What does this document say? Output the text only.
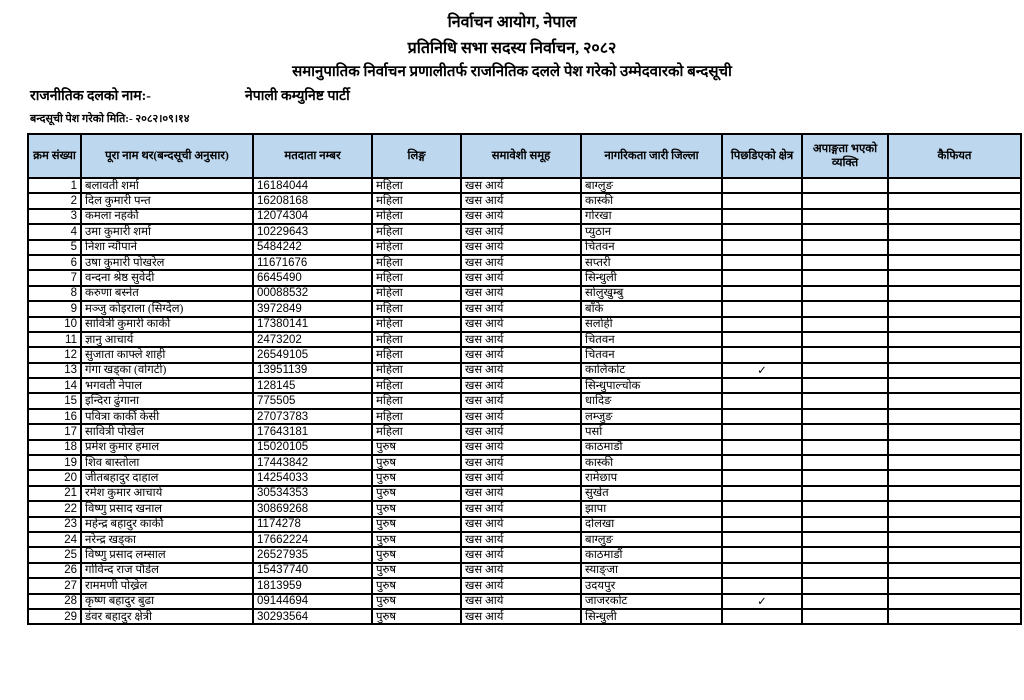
निर्वाचन आयोग, नेपाल
प्रतिनिधि सभा सदस्य निर्वाचन, २०८२
समानुपातिक निर्वाचन प्रणालीतर्फ राजनितिक दलले पेश गरेको उम्मेदवारको बन्दसूची
राजनीतिक दलको नाम:-	नेपाली कम्युनिष्ट पार्टी
बन्दसूची पेश गरेको मिति:- २०८२।०९।१४
क्रम संख्या	पूरा नाम थर(बन्दसूची अनुसार)	मतदाता नम्बर	लिङ्ग	समावेशी समूह	नागरिकता जारी जिल्ला	पिछडिएको क्षेत्र	अपाङ्गता भएको व्यक्ति	कैफियत
1	बलावती शर्मा	16184044	महिला	खस आर्य	बाग्लुङ			
2	दिल कुमारी पन्त	16208168	महिला	खस आर्य	कास्की			
3	कमला नहर्की	12074304	महिला	खस आर्य	गोरखा			
4	उमा कुमारी शर्मा	10229643	महिला	खस आर्य	प्युठान			
5	निशा न्यौपाने	5484242	महिला	खस आर्य	चितवन			
6	उषा कुमारी पोखरेल	11671676	महिला	खस आर्य	सप्तरी			
7	वन्दना श्रेष्ठ सुवेदी	6645490	महिला	खस आर्य	सिन्धुली			
8	करुणा बस्नेत	00088532	महिला	खस आर्य	सोलुखुम्बु			
9	मञ्जु कोइराला (सिग्देल)	3972849	महिला	खस आर्य	बाँके			
10	सावित्री कुमारी कार्की	17380141	महिला	खस आर्य	सर्लाही			
11	ज्ञानु आचार्य	2473202	महिला	खस आर्य	चितवन			
12	सुजाता काफ्ले शाही	26549105	महिला	खस आर्य	चितवन			
13	गंगा खड्का (वोगटी)	13951139	महिला	खस आर्य	कालिकोट	✓		
14	भगवती नेपाल	128145	महिला	खस आर्य	सिन्धुपाल्चोक			
15	इन्दिरा ढुंगाना	775505	महिला	खस आर्य	धादिङ			
16	पवित्रा कार्की केसी	27073783	महिला	खस आर्य	लम्जुङ			
17	सावित्री पोखेल	17643181	महिला	खस आर्य	पर्सा			
18	प्रमेश कुमार हमाल	15020105	पुरुष	खस आर्य	काठमाडौं			
19	शिव बास्तोला	17443842	पुरुष	खस आर्य	कास्की			
20	जीतबहादुर दाहाल	14254033	पुरुष	खस आर्य	रामेछाप			
21	रमेश कुमार आचार्य	30534353	पुरुष	खस आर्य	सुर्खेत			
22	विष्णु प्रसाद खनाल	30869268	पुरुष	खस आर्य	झापा			
23	महेन्द्र बहादुर कार्की	1174278	पुरुष	खस आर्य	दोलखा			
24	नरेन्द्र खड्का	17662224	पुरुष	खस आर्य	बाग्लुङ			
25	विष्णु प्रसाद लम्साल	26527935	पुरुष	खस आर्य	काठमाडौं			
26	गोविन्द राज पौडेल	15437740	पुरुष	खस आर्य	स्याङ्जा			
27	राममणी पोख्रेल	1813959	पुरुष	खस आर्य	उदयपुर			
28	कृष्ण बहादुर बुढा	09144694	पुरुष	खस आर्य	जाजरकोट	✓		
29	डंवर बहादुर क्षेत्री	30293564	पुरुष	खस आर्य	सिन्धुली			
